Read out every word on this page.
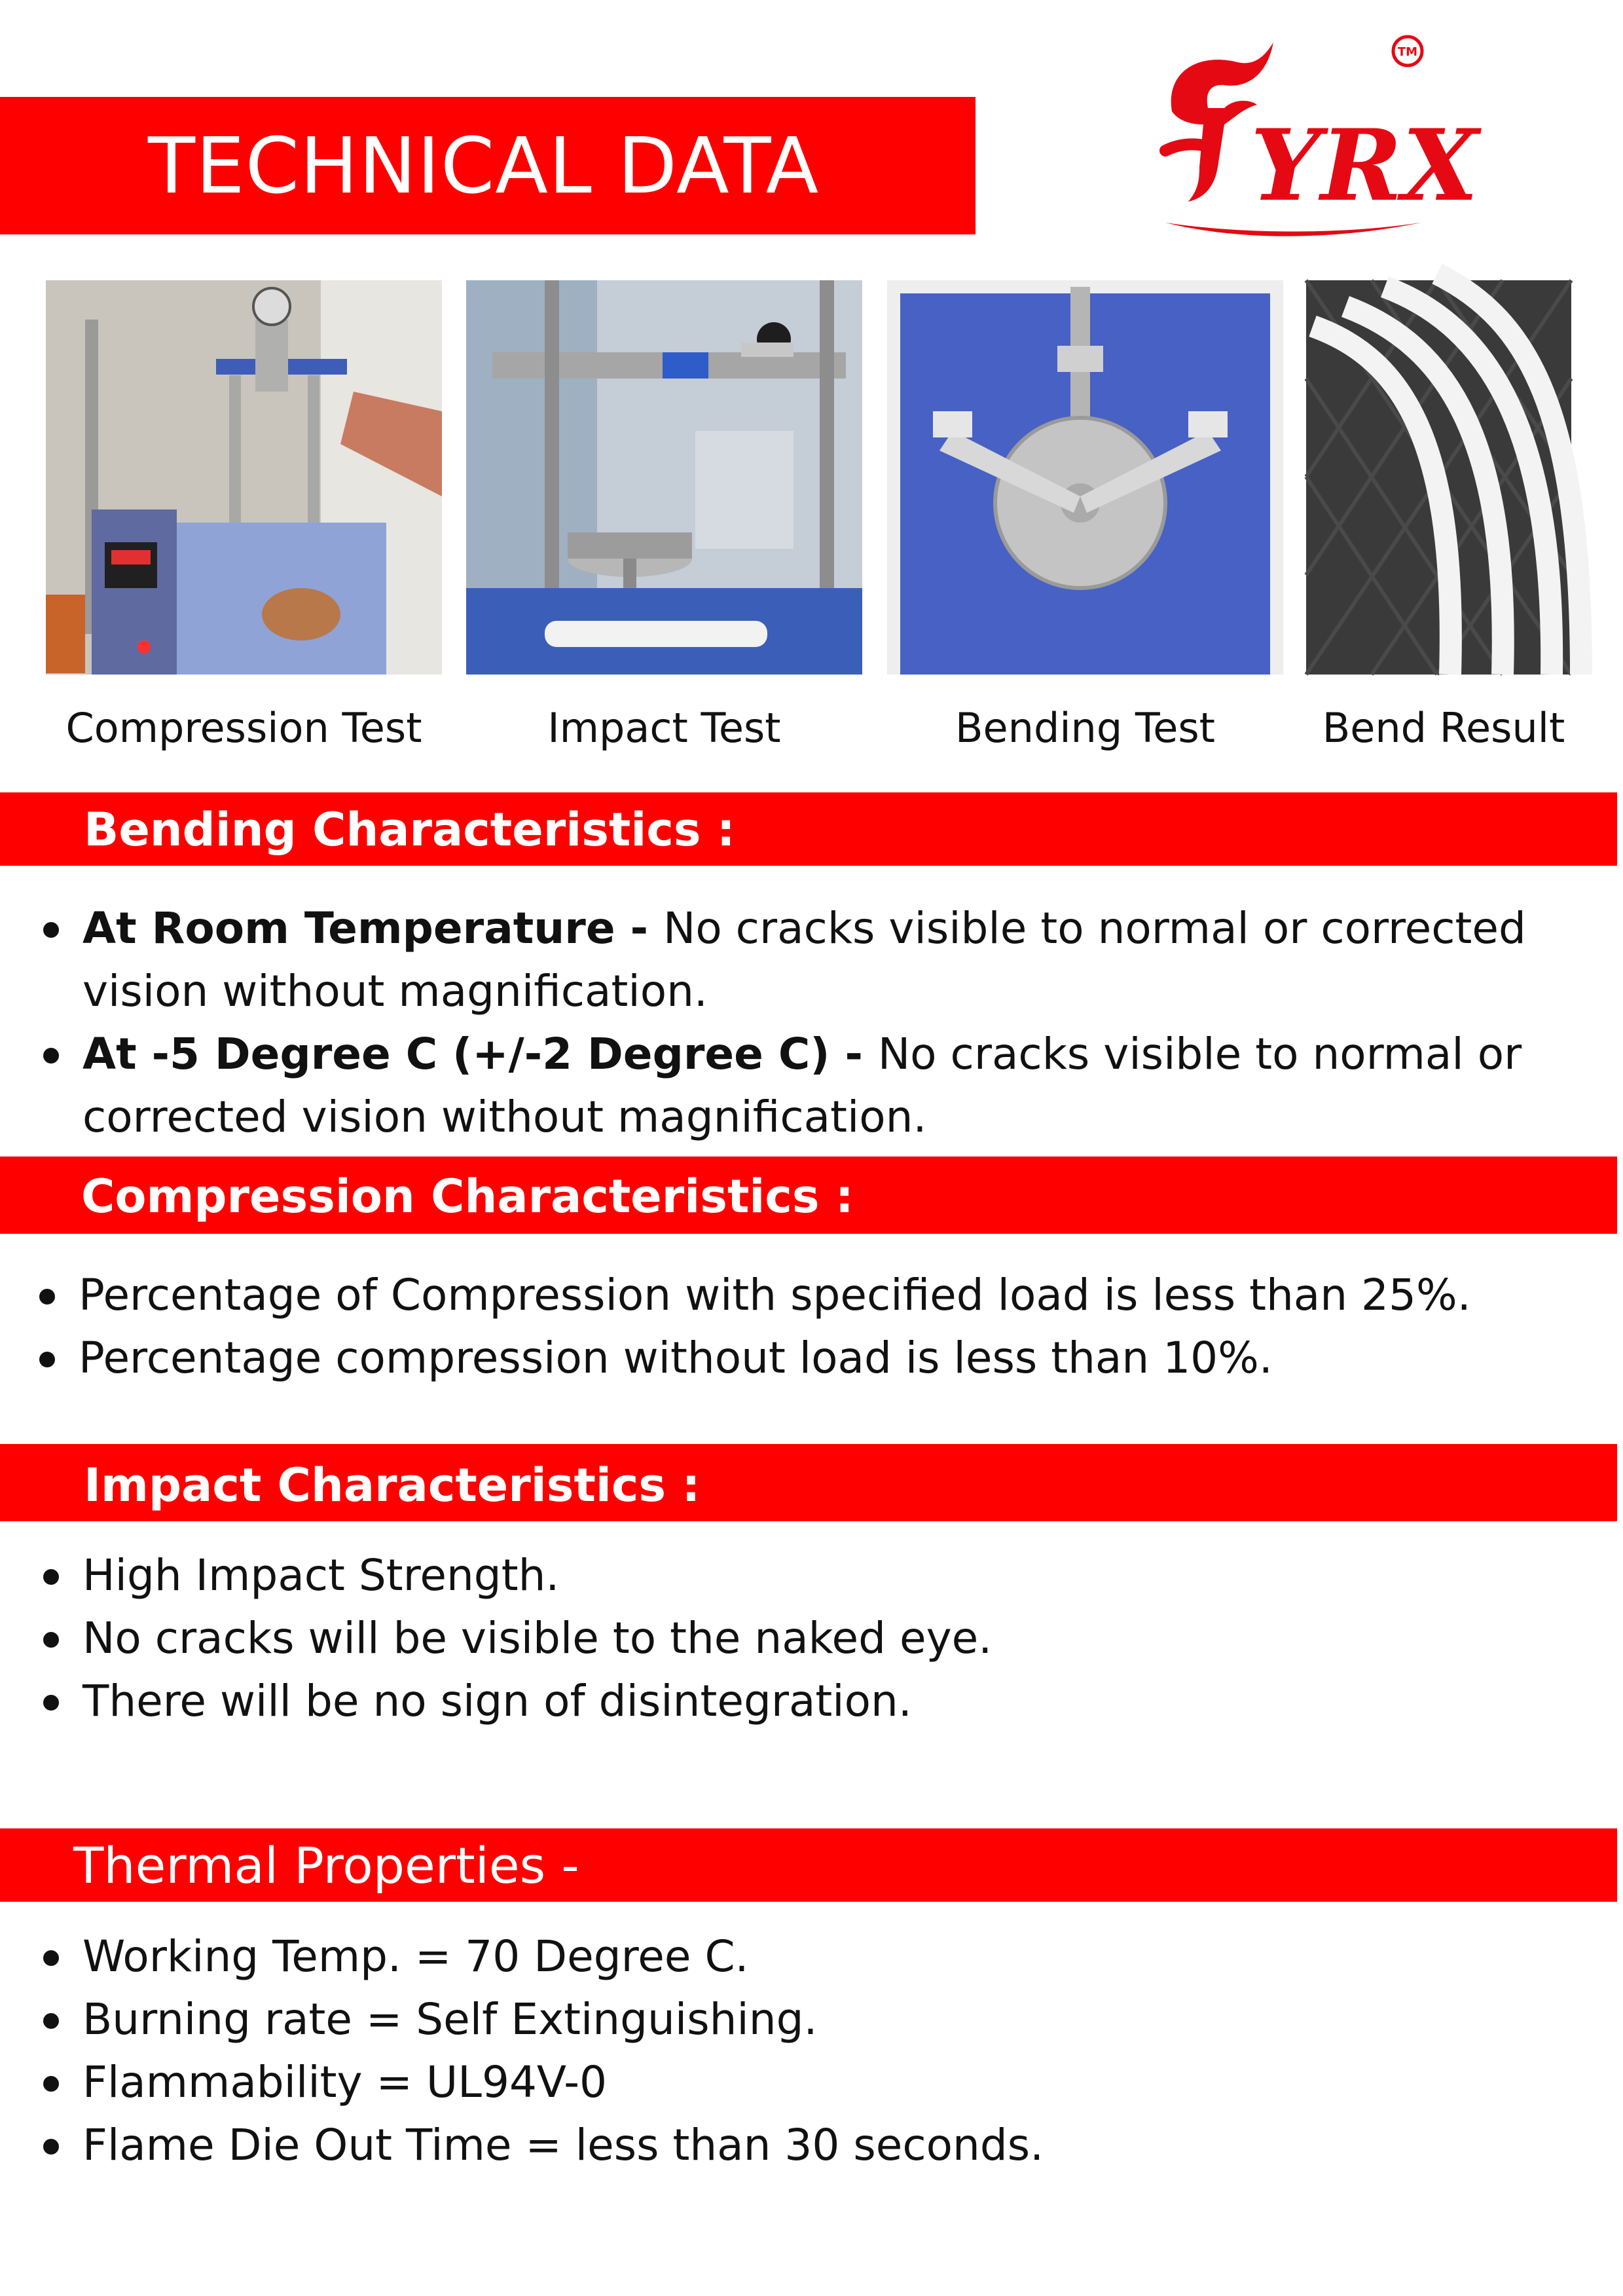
TECHNICAL DATA	YRX
TM
Compression Test	Impact Test	Bending Test	Bend Result
Bending Characteristics :
At Room Temperature - No cracks visible to normal or corrected
vision without magnification.
At -5 Degree C (+/-2 Degree C) - No cracks visible to normal or
corrected vision without magnification.
Compression Characteristics :
Percentage of Compression with specified load is less than 25%.
Percentage compression without load is less than 10%.
Impact Characteristics :
High Impact Strength.
No cracks will be visible to the naked eye.
There will be no sign of disintegration.
Thermal Properties -
Working Temp. = 70 Degree C.
Burning rate = Self Extinguishing.
Flammability = UL94V-0
Flame Die Out Time = less than 30 seconds.
